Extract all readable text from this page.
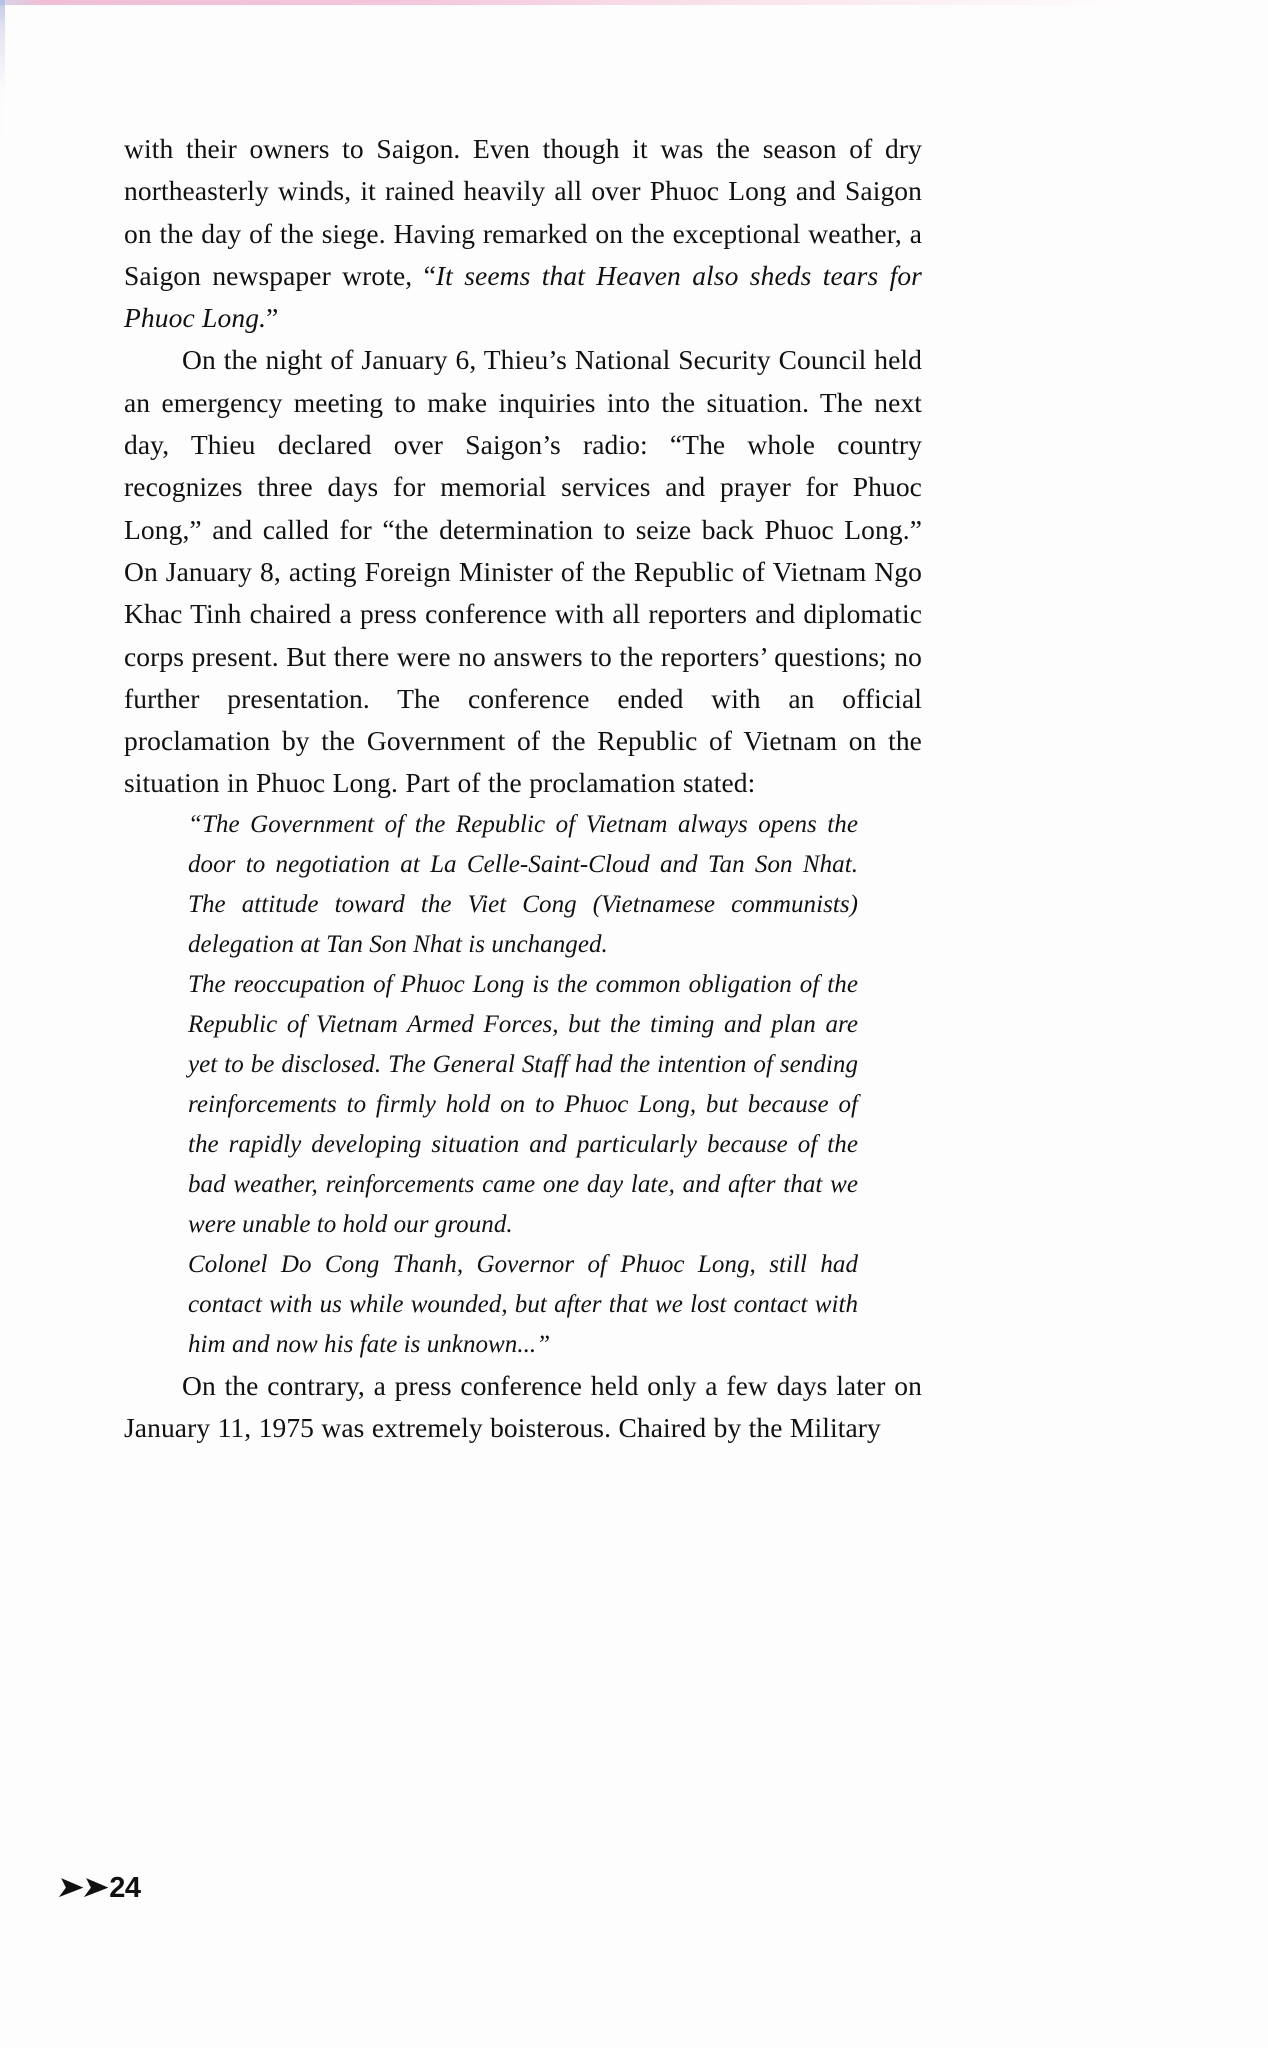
with their owners to Saigon. Even though it was the season of dry northeasterly winds, it rained heavily all over Phuoc Long and Saigon on the day of the siege. Having remarked on the exceptional weather, a Saigon newspaper wrote, “It seems that Heaven also sheds tears for Phuoc Long.”

On the night of January 6, Thieu’s National Security Council held an emergency meeting to make inquiries into the situation. The next day, Thieu declared over Saigon’s radio: “The whole country recognizes three days for memorial services and prayer for Phuoc Long,” and called for “the determination to seize back Phuoc Long.” On January 8, acting Foreign Minister of the Republic of Vietnam Ngo Khac Tinh chaired a press conference with all reporters and diplomatic corps present. But there were no answers to the reporters’ questions; no further presentation. The conference ended with an official proclamation by the Government of the Republic of Vietnam on the situation in Phuoc Long. Part of the proclamation stated:

“The Government of the Republic of Vietnam always opens the door to negotiation at La Celle-Saint-Cloud and Tan Son Nhat. The attitude toward the Viet Cong (Vietnamese communists) delegation at Tan Son Nhat is unchanged.

The reoccupation of Phuoc Long is the common obligation of the Republic of Vietnam Armed Forces, but the timing and plan are yet to be disclosed. The General Staff had the intention of sending reinforcements to firmly hold on to Phuoc Long, but because of the rapidly developing situation and particularly because of the bad weather, reinforcements came one day late, and after that we were unable to hold our ground.

Colonel Do Cong Thanh, Governor of Phuoc Long, still had contact with us while wounded, but after that we lost contact with him and now his fate is unknown...”

On the contrary, a press conference held only a few days later on January 11, 1975 was extremely boisterous. Chaired by the Military

➤
➤
24
